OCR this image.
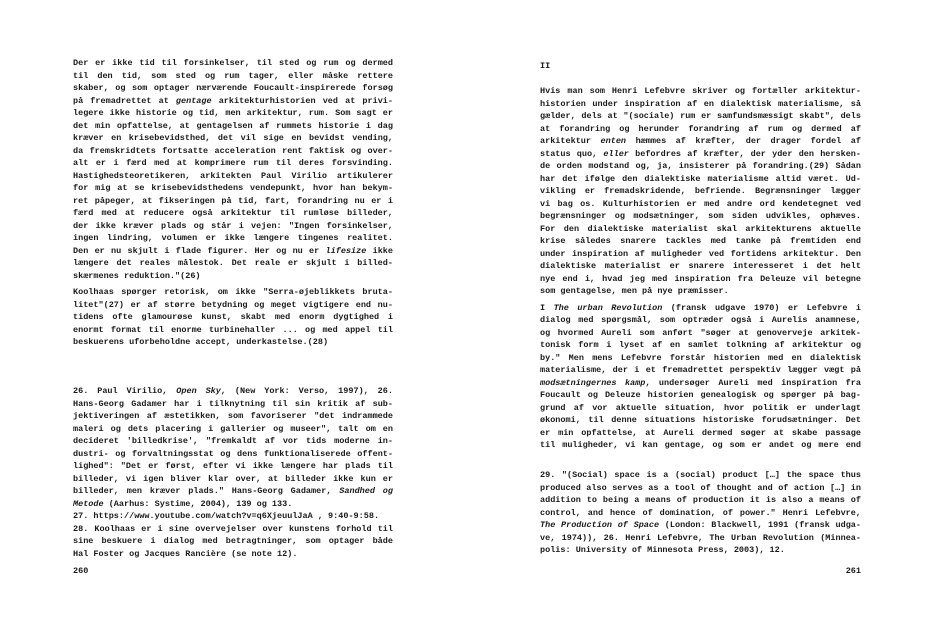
Der er ikke tid til forsinkelser, til sted og rum og dermed
til den tid, som sted og rum tager, eller måske rettere
skaber, og som optager nærværende Foucault-inspirerede forsøg
på fremadrettet at gentage arkitekturhistorien ved at privi-
legere ikke historie og tid, men arkitektur, rum. Som sagt er
det min opfattelse, at gentagelsen af rummets historie i dag
kræver en krisebevidsthed, det vil sige en bevidst vending,
da fremskridtets fortsatte acceleration rent faktisk og over-
alt er i færd med at komprimere rum til deres forsvinding.
Hastighedsteoretikeren, arkitekten Paul Virilio artikulerer
for mig at se krisebevidsthedens vendepunkt, hvor han bekym-
ret påpeger, at fikseringen på tid, fart, forandring nu er i
færd med at reducere også arkitektur til rumløse billeder,
der ikke kræver plads og står i vejen: "Ingen forsinkelser,
ingen lindring, volumen er ikke længere tingenes realitet.
Den er nu skjult i flade figurer. Her og nu er lifesize ikke
længere det reales målestok. Det reale er skjult i billed-
skærmenes reduktion."(26)
Koolhaas spørger retorisk, om ikke "Serra-øjeblikkets bruta-
litet"(27) er af større betydning og meget vigtigere end nu-
tidens ofte glamourøse kunst, skabt med enorm dygtighed i
enormt format til enorme turbinehaller ... og med appel til
beskuerens uforbeholdne accept, underkastelse.(28)
26. Paul Virilio, Open Sky, (New York: Verso, 1997), 26.
Hans-Georg Gadamer har i tilknytning til sin kritik af sub-
jektiveringen af æstetikken, som favoriserer "det indrammede
maleri og dets placering i gallerier og museer", talt om en
decideret 'billedkrise', "fremkaldt af vor tids moderne in-
dustri- og forvaltningsstat og dens funktionaliserede offent-
lighed": "Det er først, efter vi ikke længere har plads til
billeder, vi igen bliver klar over, at billeder ikke kun er
billeder, men kræver plads." Hans-Georg Gadamer, Sandhed og
Metode (Aarhus: Systime, 2004), 139 og 133.
27. https://www.youtube.com/watch?v=q6XjeuulJaA , 9:40-9:58.
28. Koolhaas er i sine overvejelser over kunstens forhold til
sine beskuere i dialog med betragtninger, som optager både
Hal Foster og Jacques Rancière (se note 12).
260
II
Hvis man som Henri Lefebvre skriver og fortæller arkitektur-
historien under inspiration af en dialektisk materialisme, så
gælder, dels at "(sociale) rum er samfundsmæssigt skabt", dels
at forandring og herunder forandring af rum og dermed af
arkitektur enten hæmmes af kræfter, der drager fordel af
status quo, eller befordres af kræfter, der yder den hersken-
de orden modstand og, ja, insisterer på forandring.(29) Sådan
har det ifølge den dialektiske materialisme altid været. Ud-
vikling er fremadskridende, befriende. Begrænsninger lægger
vi bag os. Kulturhistorien er med andre ord kendetegnet ved
begrænsninger og modsætninger, som siden udvikles, ophæves.
For den dialektiske materialist skal arkitekturens aktuelle
krise således snarere tackles med tanke på fremtiden end
under inspiration af muligheder ved fortidens arkitektur. Den
dialektiske materialist er snarere interesseret i det helt
nye end i, hvad jeg med inspiration fra Deleuze vil betegne
som gentagelse, men på nye præmisser.
I The urban Revolution (fransk udgave 1970) er Lefebvre i
dialog med spørgsmål, som optræder også i Aurelis anamnese,
og hvormed Aureli som anført "søger at genoverveje arkitek-
tonisk form i lyset af en samlet tolkning af arkitektur og
by." Men mens Lefebvre forstår historien med en dialektisk
materialisme, der i et fremadrettet perspektiv lægger vægt på
modsætningernes kamp, undersøger Aureli med inspiration fra
Foucault og Deleuze historien genealogisk og spørger på bag-
grund af vor aktuelle situation, hvor politik er underlagt
økonomi, til denne situations historiske forudsætninger. Det
er min opfattelse, at Aureli dermed søger at skabe passage
til muligheder, vi kan gentage, og som er andet og mere end
29. "(Social) space is a (social) product […] the space thus
produced also serves as a tool of thought and of action […] in
addition to being a means of production it is also a means of
control, and hence of domination, of power." Henri Lefebvre,
The Production of Space (London: Blackwell, 1991 (fransk udga-
ve, 1974)), 26. Henri Lefebvre, The Urban Revolution (Minnea-
polis: University of Minnesota Press, 2003), 12.
261
